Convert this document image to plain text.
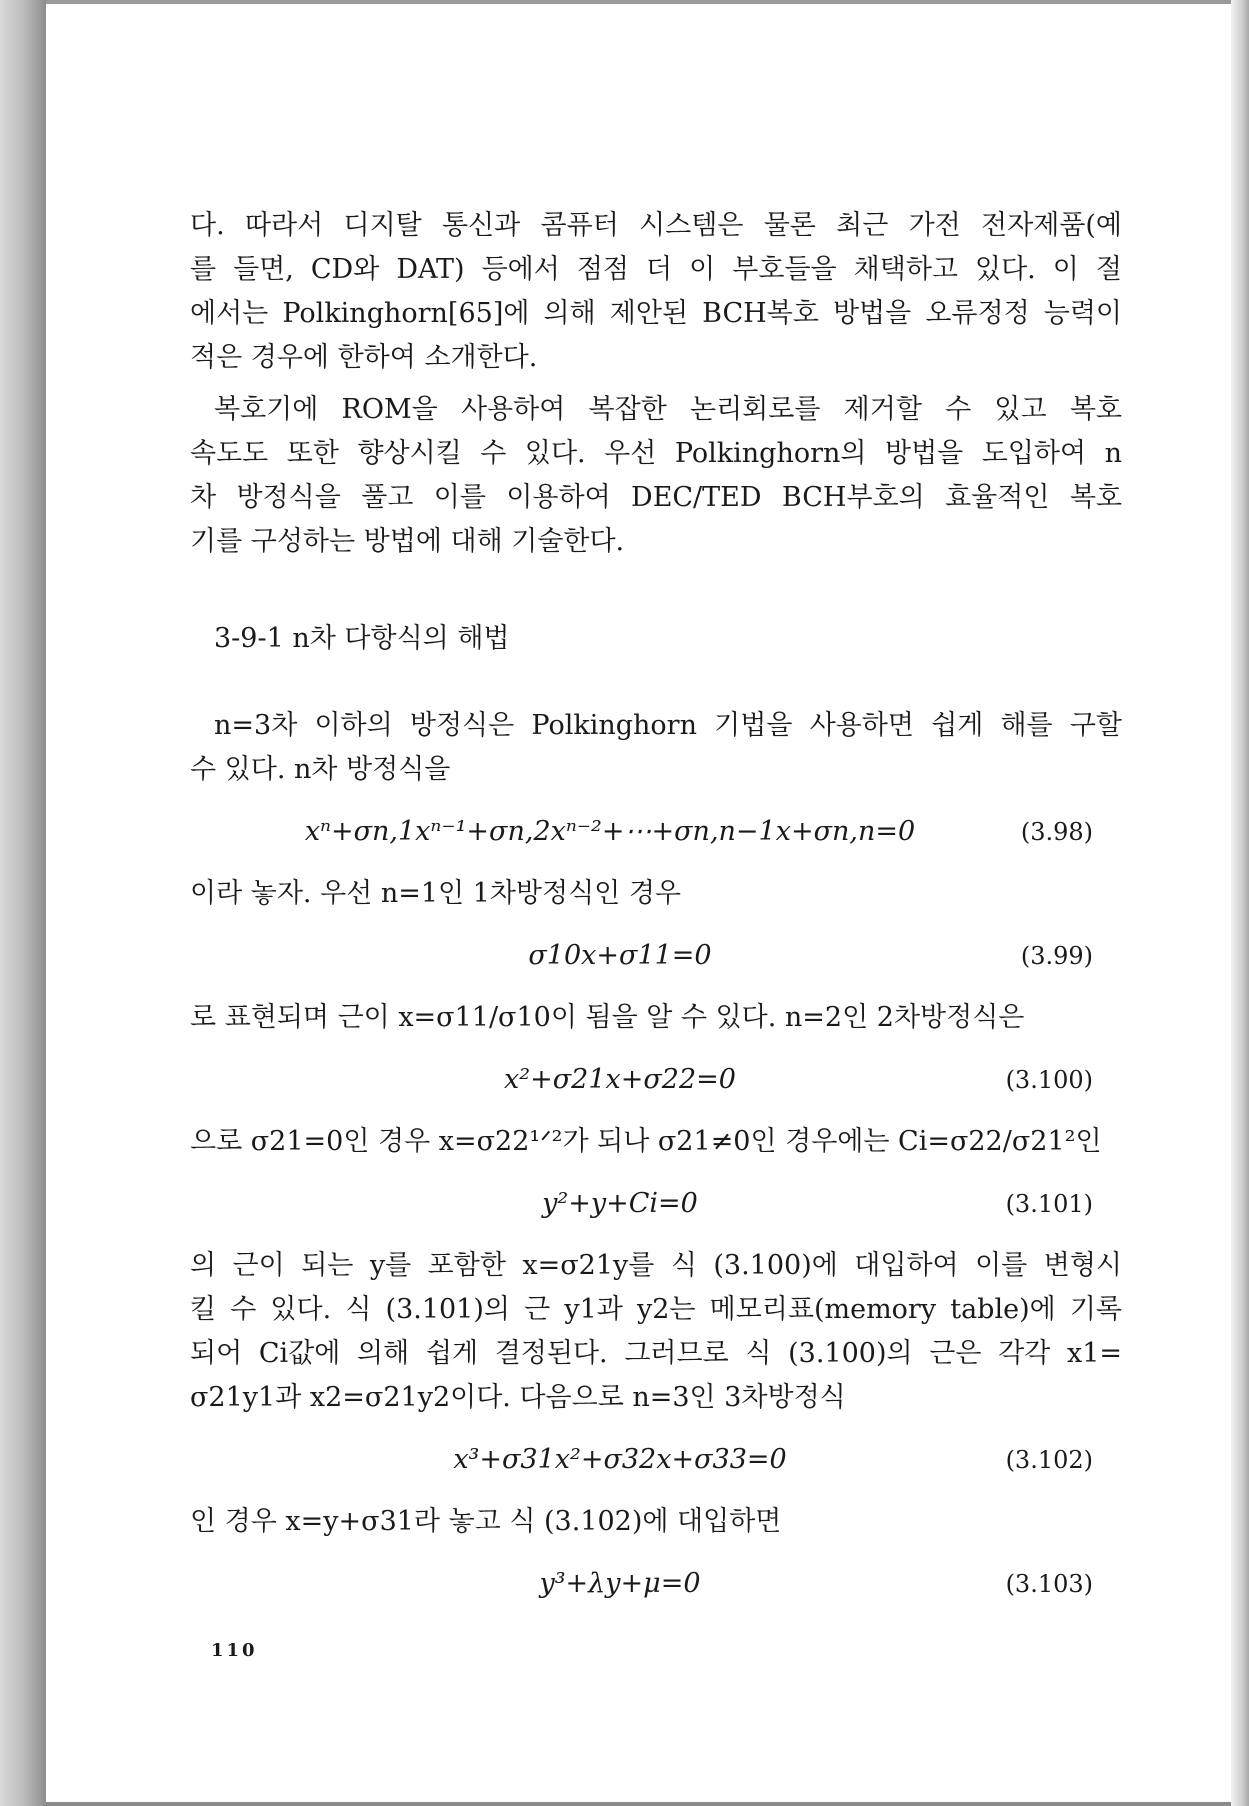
다. 따라서 디지탈 통신과 콤퓨터 시스템은 물론 최근 가전 전자제품(예
를 들면, CD와 DAT) 등에서 점점 더 이 부호들을 채택하고 있다. 이 절
에서는 Polkinghorn[65]에 의해 제안된 BCH복호 방법을 오류정정 능력이
적은 경우에 한하여 소개한다.
복호기에 ROM을 사용하여 복잡한 논리회로를 제거할 수 있고 복호
속도도 또한 향상시킬 수 있다. 우선 Polkinghorn의 방법을 도입하여 n
차 방정식을 풀고 이를 이용하여 DEC/TED BCH부호의 효율적인 복호
기를 구성하는 방법에 대해 기술한다.
3-9-1 n차 다항식의 해법
n=3차 이하의 방정식은 Polkinghorn 기법을 사용하면 쉽게 해를 구할
수 있다. n차 방정식을
xⁿ+σn,1xⁿ⁻¹+σn,2xⁿ⁻²+⋯+σn,n−1x+σn,n=0	(3.98)
이라 놓자. 우선 n=1인 1차방정식인 경우
σ10x+σ11=0	(3.99)
로 표현되며 근이 x=σ11/σ10이 됨을 알 수 있다. n=2인 2차방정식은
x²+σ21x+σ22=0	(3.100)
으로 σ21=0인 경우 x=σ22¹ᐟ²가 되나 σ21≠0인 경우에는 Ci=σ22/σ21²인
y²+y+Ci=0	(3.101)
의 근이 되는 y를 포함한 x=σ21y를 식 (3.100)에 대입하여 이를 변형시
킬 수 있다. 식 (3.101)의 근 y1과 y2는 메모리표(memory table)에 기록
되어 Ci값에 의해 쉽게 결정된다. 그러므로 식 (3.100)의 근은 각각 x1=
σ21y1과 x2=σ21y2이다. 다음으로 n=3인 3차방정식
x³+σ31x²+σ32x+σ33=0	(3.102)
인 경우 x=y+σ31라 놓고 식 (3.102)에 대입하면
y³+λy+μ=0	(3.103)
110
